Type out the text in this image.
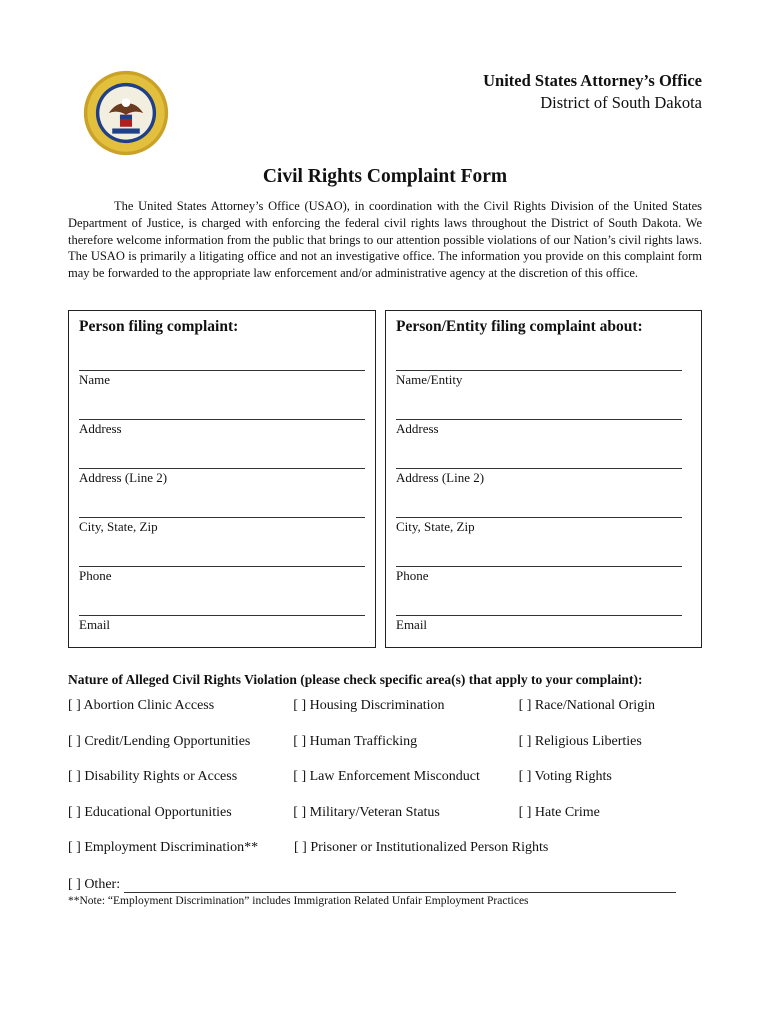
United States Attorney’s Office
District of South Dakota
Civil Rights Complaint Form

The United States Attorney’s Office (USAO), in coordination with the Civil Rights Division of the United States Department of Justice, is charged with enforcing the federal civil rights laws throughout the District of South Dakota. We therefore welcome information from the public that brings to our attention possible violations of our Nation’s civil rights laws. The USAO is primarily a litigating office and not an investigative office. The information you provide on this complaint form may be forwarded to the appropriate law enforcement and/or administrative agency at the discretion of this office.

Person filing complaint:
Name
Address
Address (Line 2)
City, State, Zip
Phone
Email
Person/Entity filing complaint about:
Name/Entity
Address
Address (Line 2)
City, State, Zip
Phone
Email
Nature of Alleged Civil Rights Violation (please check specific area(s) that apply to your complaint):
[ ] Abortion Clinic Access	[ ] Housing Discrimination	[ ] Race/National Origin
[ ] Credit/Lending Opportunities	[ ] Human Trafficking	[ ] Religious Liberties
[ ] Disability Rights or Access	[ ] Law Enforcement Misconduct	[ ] Voting Rights
[ ] Educational Opportunities	[ ] Military/Veteran Status	[ ] Hate Crime
[ ] Employment Discrimination**	[ ] Prisoner or Institutionalized Person Rights
[ ] Other:
**Note: “Employment Discrimination” includes Immigration Related Unfair Employment Practices
